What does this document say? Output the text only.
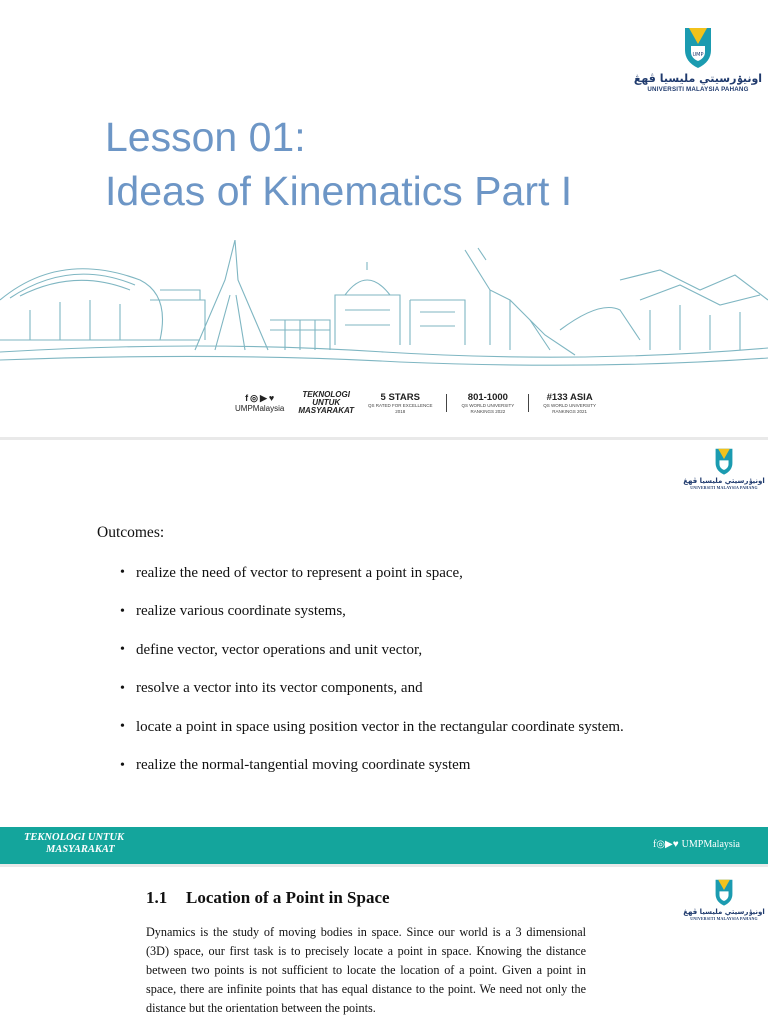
UMP
اونيۏرسيتي مليسيا ڤهڠ
UNIVERSITI MALAYSIA PAHANG
Lesson 01:
Ideas of Kinematics Part I
f ◎ ▶ ♥
UMPMalaysia
TEKNOLOGI
UNTUK
MASYARAKAT
5 STARS
QS RATED FOR EXCELLENCE
2018
801-1000
QS WORLD UNIVERSITY
RANKINGS 2022
#133 ASIA
QS WORLD UNIVERSITY
RANKINGS 2021
اونيۏرسيتي مليسيا ڤهڠ
UNIVERSITI MALAYSIA PAHANG
Outcomes:
• realize the need of vector to represent a point in space,
• realize various coordinate systems,
• define vector, vector operations and unit vector,
• resolve a vector into its vector components, and
• locate a point in space using position vector in the rectangular coordinate system.
• realize the normal-tangential moving coordinate system
TEKNOLOGI UNTUK
MASYARAKAT	f◎▶♥ UMPMalaysia
اونيۏرسيتي مليسيا ڤهڠ
UNIVERSITI MALAYSIA PAHANG
1.1 Location of a Point in Space

Dynamics is the study of moving bodies in space. Since our world is a 3 dimensional (3D) space, our first task is to precisely locate a point in space. Knowing the distance between two points is not sufficient to locate the location of a point. Given a point in space, there are infinite points that has equal distance to the point. We need not only the distance but the orientation between the points.
